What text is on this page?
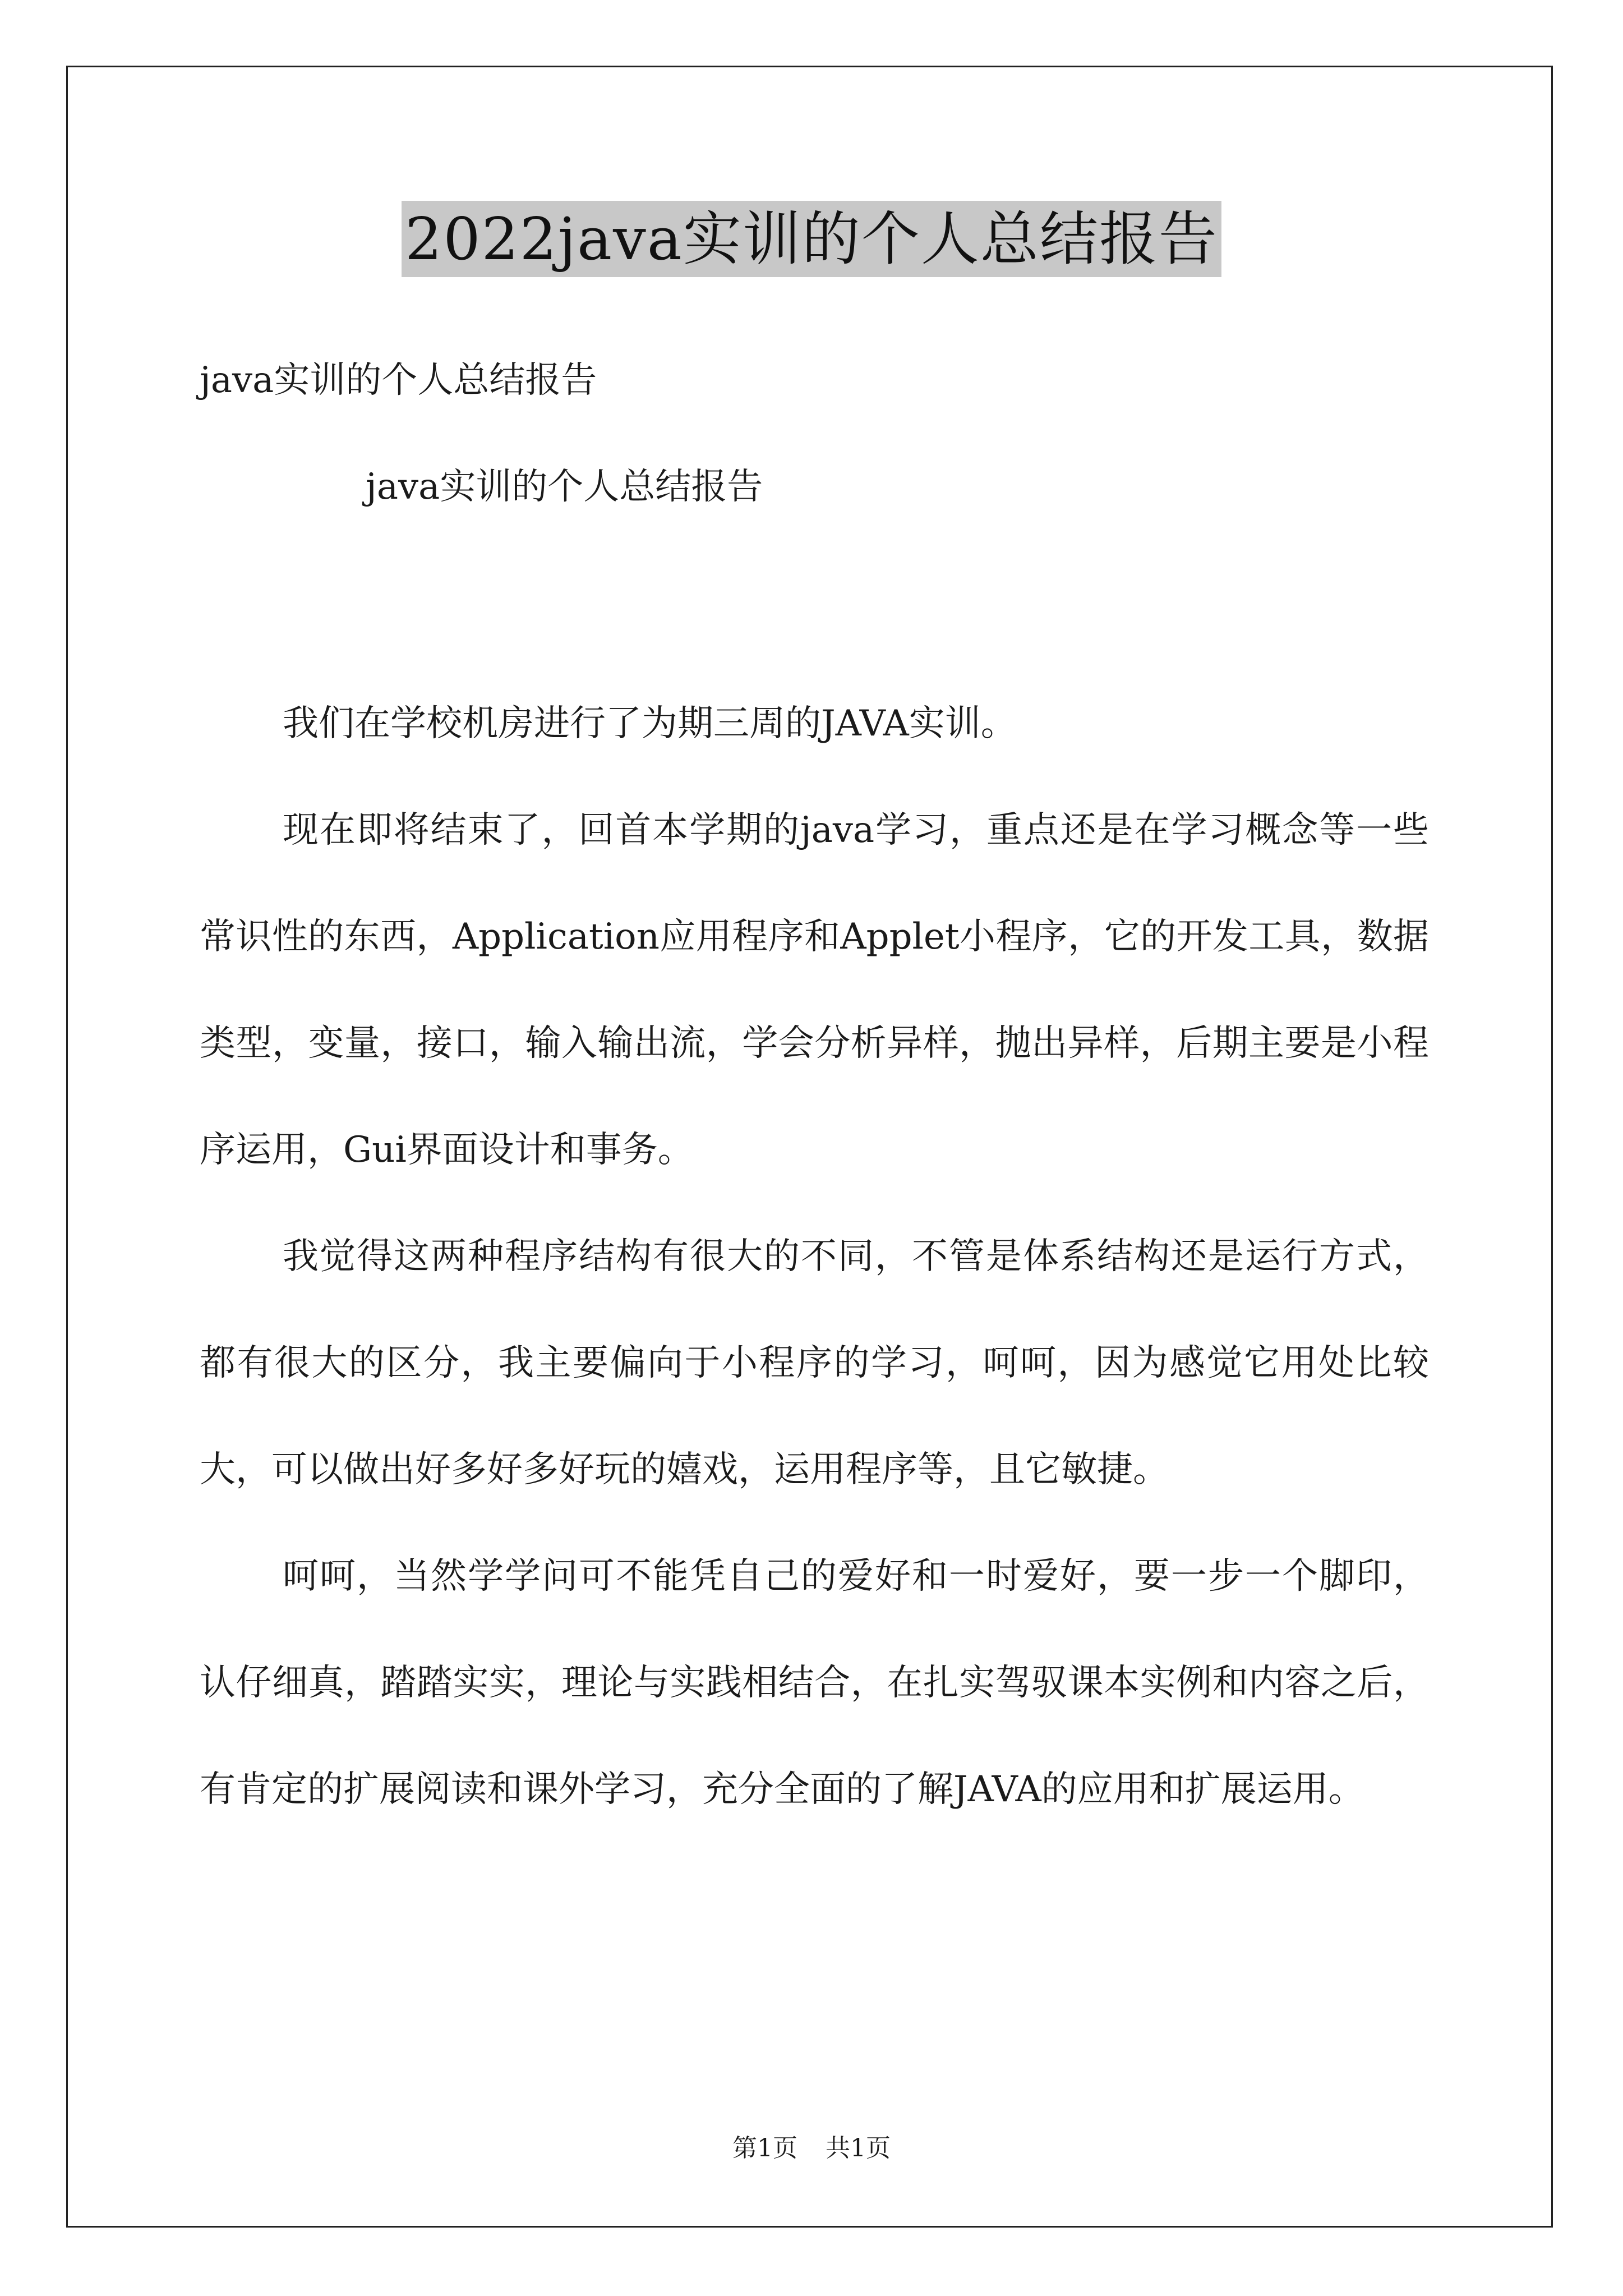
2022java实训的个人总结报告
java实训的个人总结报告
java实训的个人总结报告

我们在学校机房进行了为期三周的JAVA实训。

现在即将结束了，回首本学期的java学习，重点还是在学习概念等一些常识性的东西，Application应用程序和Applet小程序，它的开发工具，数据类型，变量，接口，输入输出流，学会分析异样，抛出异样，后期主要是小程序运用，Gui界面设计和事务。

我觉得这两种程序结构有很大的不同，不管是体系结构还是运行方式，都有很大的区分，我主要偏向于小程序的学习，呵呵，因为感觉它用处比较大，可以做出好多好多好玩的嬉戏，运用程序等，且它敏捷。

呵呵，当然学学问可不能凭自己的爱好和一时爱好，要一步一个脚印，认仔细真，踏踏实实，理论与实践相结合，在扎实驾驭课本实例和内容之后，有肯定的扩展阅读和课外学习，充分全面的了解JAVA的应用和扩展运用。

第1页 共1页
